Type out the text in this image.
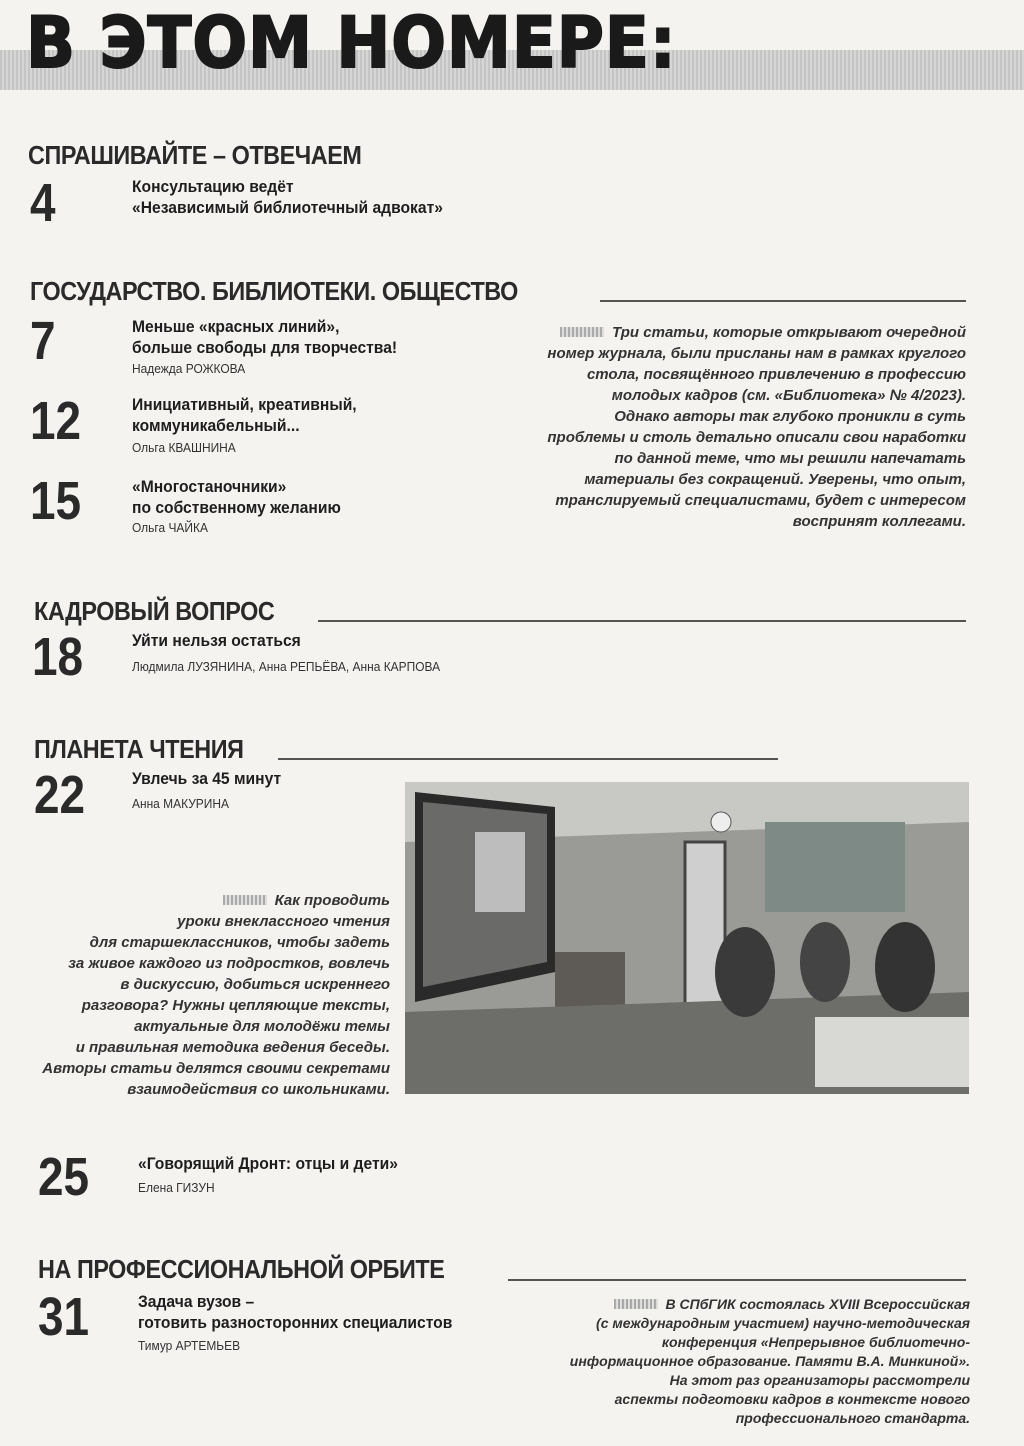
В ЭТОМ НОМЕРЕ:
СПРАШИВАЙТЕ – ОТВЕЧАЕМ
4	Консультацию ведёт
«Независимый библиотечный адвокат»
ГОСУДАРСТВО. БИБЛИОТЕКИ. ОБЩЕСТВО
7	Меньше «красных линий»,
больше свободы для творчества!
Надежда РОЖКОВА
12	Инициативный, креативный,
коммуникабельный...
Ольга КВАШНИНА
15	«Многостаночники»
по собственному желанию
Ольга ЧАЙКА
Три статьи, которые открывают очередной
номер журнала, были присланы нам в рамках круглого
стола, посвящённого привлечению в профессию
молодых кадров (см. «Библиотека» № 4/2023).
Однако авторы так глубоко проникли в суть
проблемы и столь детально описали свои наработки
по данной теме, что мы решили напечатать
материалы без сокращений. Уверены, что опыт,
транслируемый специалистами, будет с интересом
воспринят коллегами.
КАДРОВЫЙ ВОПРОС
18	Уйти нельзя остаться
Людмила ЛУЗЯНИНА, Анна РЕПЬЁВА, Анна КАРПОВА
ПЛАНЕТА ЧТЕНИЯ
22	Увлечь за 45 минут
Анна МАКУРИНА
Как проводить
уроки внеклассного чтения
для старшеклассников, чтобы задеть
за живое каждого из подростков, вовлечь
в дискуссию, добиться искреннего
разговора? Нужны цепляющие тексты,
актуальные для молодёжи темы
и правильная методика ведения беседы.
Авторы статьи делятся своими секретами
взаимодействия со школьниками.
25	«Говорящий Дронт: отцы и дети»
Елена ГИЗУН
НА ПРОФЕССИОНАЛЬНОЙ ОРБИТЕ
31	Задача вузов –
готовить разносторонних специалистов
Тимур АРТЕМЬЕВ
В СПбГИК состоялась XVIII Всероссийская
(с международным участием) научно-методическая
конференция «Непрерывное библиотечно-
информационное образование. Памяти В.А. Минкиной».
На этот раз организаторы рассмотрели
аспекты подготовки кадров в контексте нового
профессионального стандарта.
